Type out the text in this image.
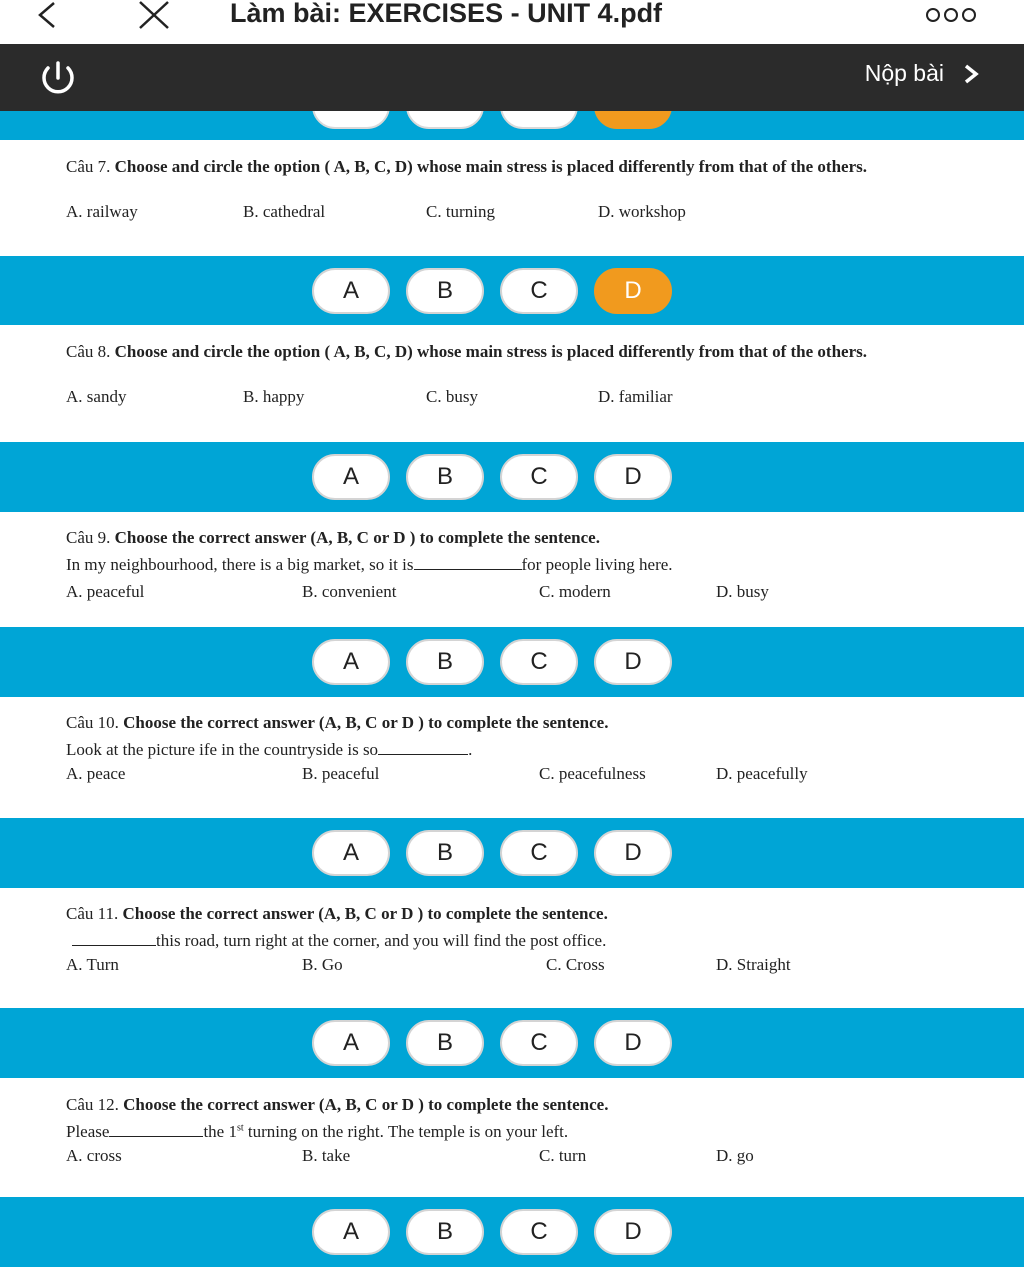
Làm bài: EXERCISES - UNIT 4.pdf
Nộp bài
Câu 7. Choose and circle the option ( A, B, C, D) whose main stress is placed differently from that of the others.
A. railway	B. cathedral	C. turning	D. workshop
A	B	C	D
Câu 8. Choose and circle the option ( A, B, C, D) whose main stress is placed differently from that of the others.
A. sandy	B. happy	C. busy	D. familiar
A	B	C	D
Câu 9. Choose the correct answer (A, B, C or D ) to complete the sentence.
In my neighbourhood, there is a big market, so it is	for people living here.
A. peaceful	B. convenient	C. modern	D. busy
A	B	C	D
Câu 10. Choose the correct answer (A, B, C or D ) to complete the sentence.
Look at the picture ife in the countryside is so	.
A. peace	B. peaceful	C. peacefulness	D. peacefully
A	B	C	D
Câu 11. Choose the correct answer (A, B, C or D ) to complete the sentence.
this road, turn right at the corner, and you will find the post office.
A. Turn	B. Go	C. Cross	D. Straight
A	B	C	D
Câu 12. Choose the correct answer (A, B, C or D ) to complete the sentence.
Please	the 1st turning on the right. The temple is on your left.
A. cross	B. take	C. turn	D. go
A	B	C	D
